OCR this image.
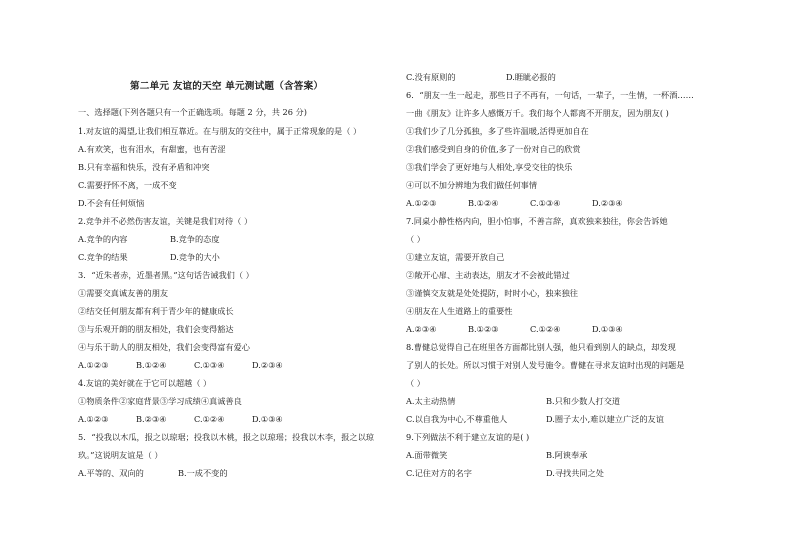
第二单元 友谊的天空 单元测试题（含答案）
一、选择题(下列各题只有一个正确选项。每题 2 分，共 26 分)
1.对友谊的渴望,让我们相互靠近。在与朋友的交往中，属于正常现象的是（ ）
A.有欢笑，也有泪水，有甜蜜，也有苦涩
B.只有幸福和快乐，没有矛盾和冲突
C.需要抒怀不离，一成不变
D.不会有任何烦恼
2.竞争并不必然伤害友谊，关键是我们对待（ ）
A.竞争的内容	B.竞争的态度
C.竞争的结果	D.竞争的大小
3．“近朱者赤，近墨者黑。”这句话告诫我们（ ）
①需要交真诚友善的朋友
②结交任何朋友都有利于青少年的健康成长
③与乐观开朗的朋友相处，我们会变得豁达
④与乐于助人的朋友相处，我们会变得富有爱心
A.①②③	B.①②④	C.①③④	D.②③④
4.友谊的美好就在于它可以超越（ ）
①物质条件②家庭背景③学习成绩④真诚善良
A.①②③	B.②③④	C.①②④	D.①③④
5．“投我以木瓜，报之以琼琚；投我以木桃，报之以琼瑶；投我以木李，报之以琼
玖。”这说明友谊是（ ）
A.平等的、双向的	B.一成不变的
C.没有原则的	D.睚眦必报的
6．“朋友一生一起走，那些日子不再有，一句话，一辈子，一生情，一杯酒……
一曲《朋友》让许多人感慨万千。我们每个人都离不开朋友，因为朋友( )
①我们少了几分孤独，多了些许温暖,活得更加自在
②我们感受到自身的价值,多了一份对自己的欣赏
③我们学会了更好地与人相处,享受交往的快乐
④可以不加分辨地为我们做任何事情
A.①②③	B.①②④	C.①③④	D.②③④
7.同桌小静性格内向，胆小怕事，不善言辞，真欢独来独往，你会告诉她
（ ）
①建立友谊，需要开放自己
②敞开心扉、主动表达，朋友才不会被此错过
③谨慎交友就是处处提防，时时小心，独来独往
④朋友在人生道路上的重要性
A.②③④	B.①②③	C.①②④	D.①③④
8.曹健总觉得自己在班里各方面都比别人强，他只看到别人的缺点，却发现
了别人的长处。所以习惯于对别人发号施令。曹健在寻求友谊时出现的问题是
（ ）
A.太主动热情	B.只和少数人打交道
C.以自我为中心,不尊重他人	D.圈子太小,难以建立广泛的友谊
9.下列做法不利于建立友谊的是( )
A.面带微笑	B.阿谀奉承
C.记住对方的名字	D.寻找共同之处
